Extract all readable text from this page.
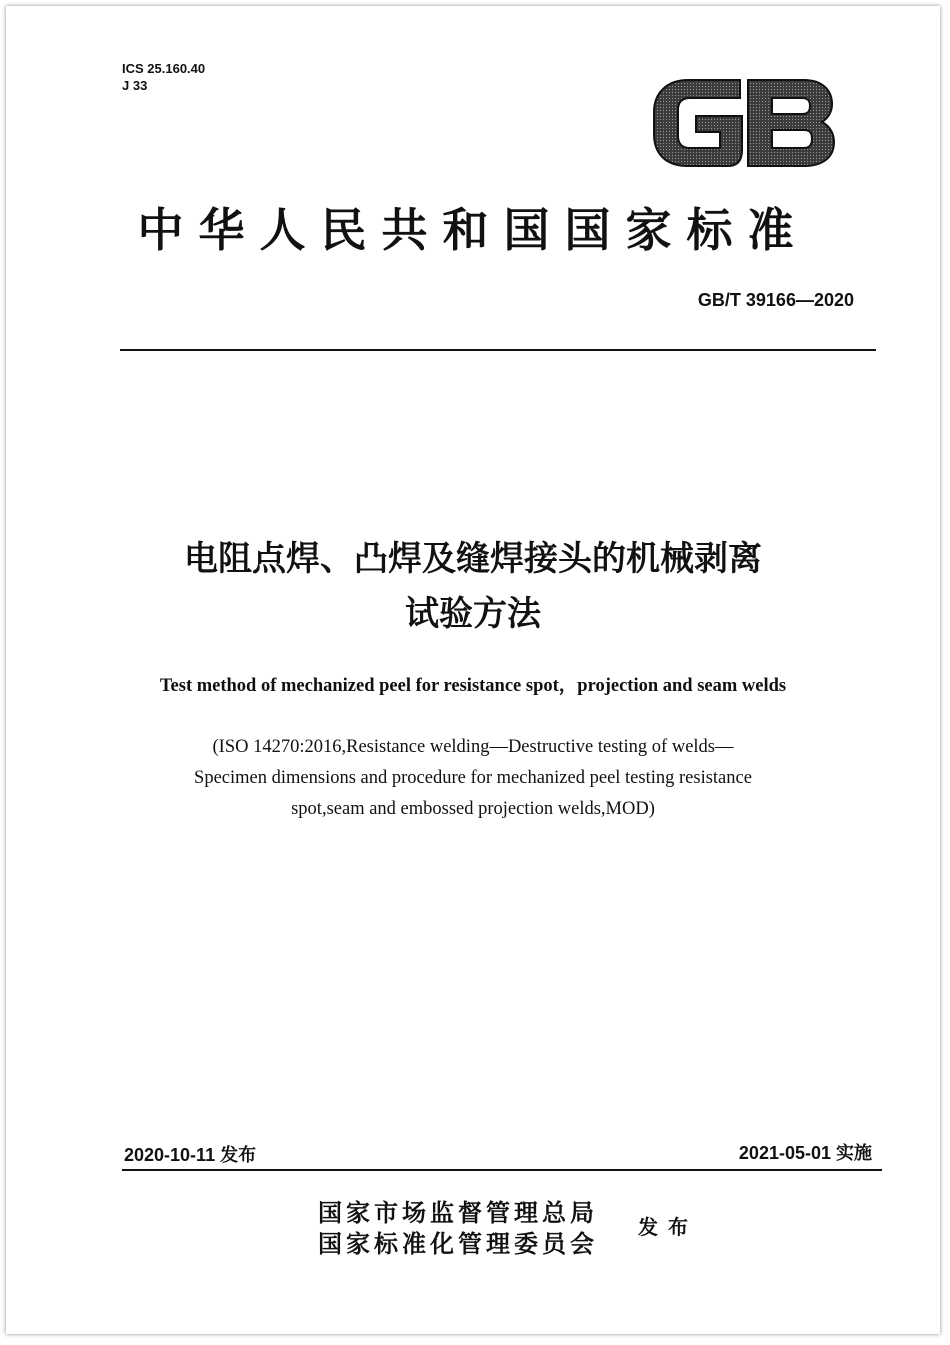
ICS 25.160.40
J 33
中华人民共和国国家标准
GB/T 39166—2020
电阻点焊、凸焊及缝焊接头的机械剥离
试验方法
Test method of mechanized peel for resistance spot，projection and seam welds
(ISO 14270:2016,Resistance welding—Destructive testing of welds—
Specimen dimensions and procedure for mechanized peel testing resistance
spot,seam and embossed projection welds,MOD)
2020-10-11 发布	2021-05-01 实施
国家市场监督管理总局
国家标准化管理委员会
发布
